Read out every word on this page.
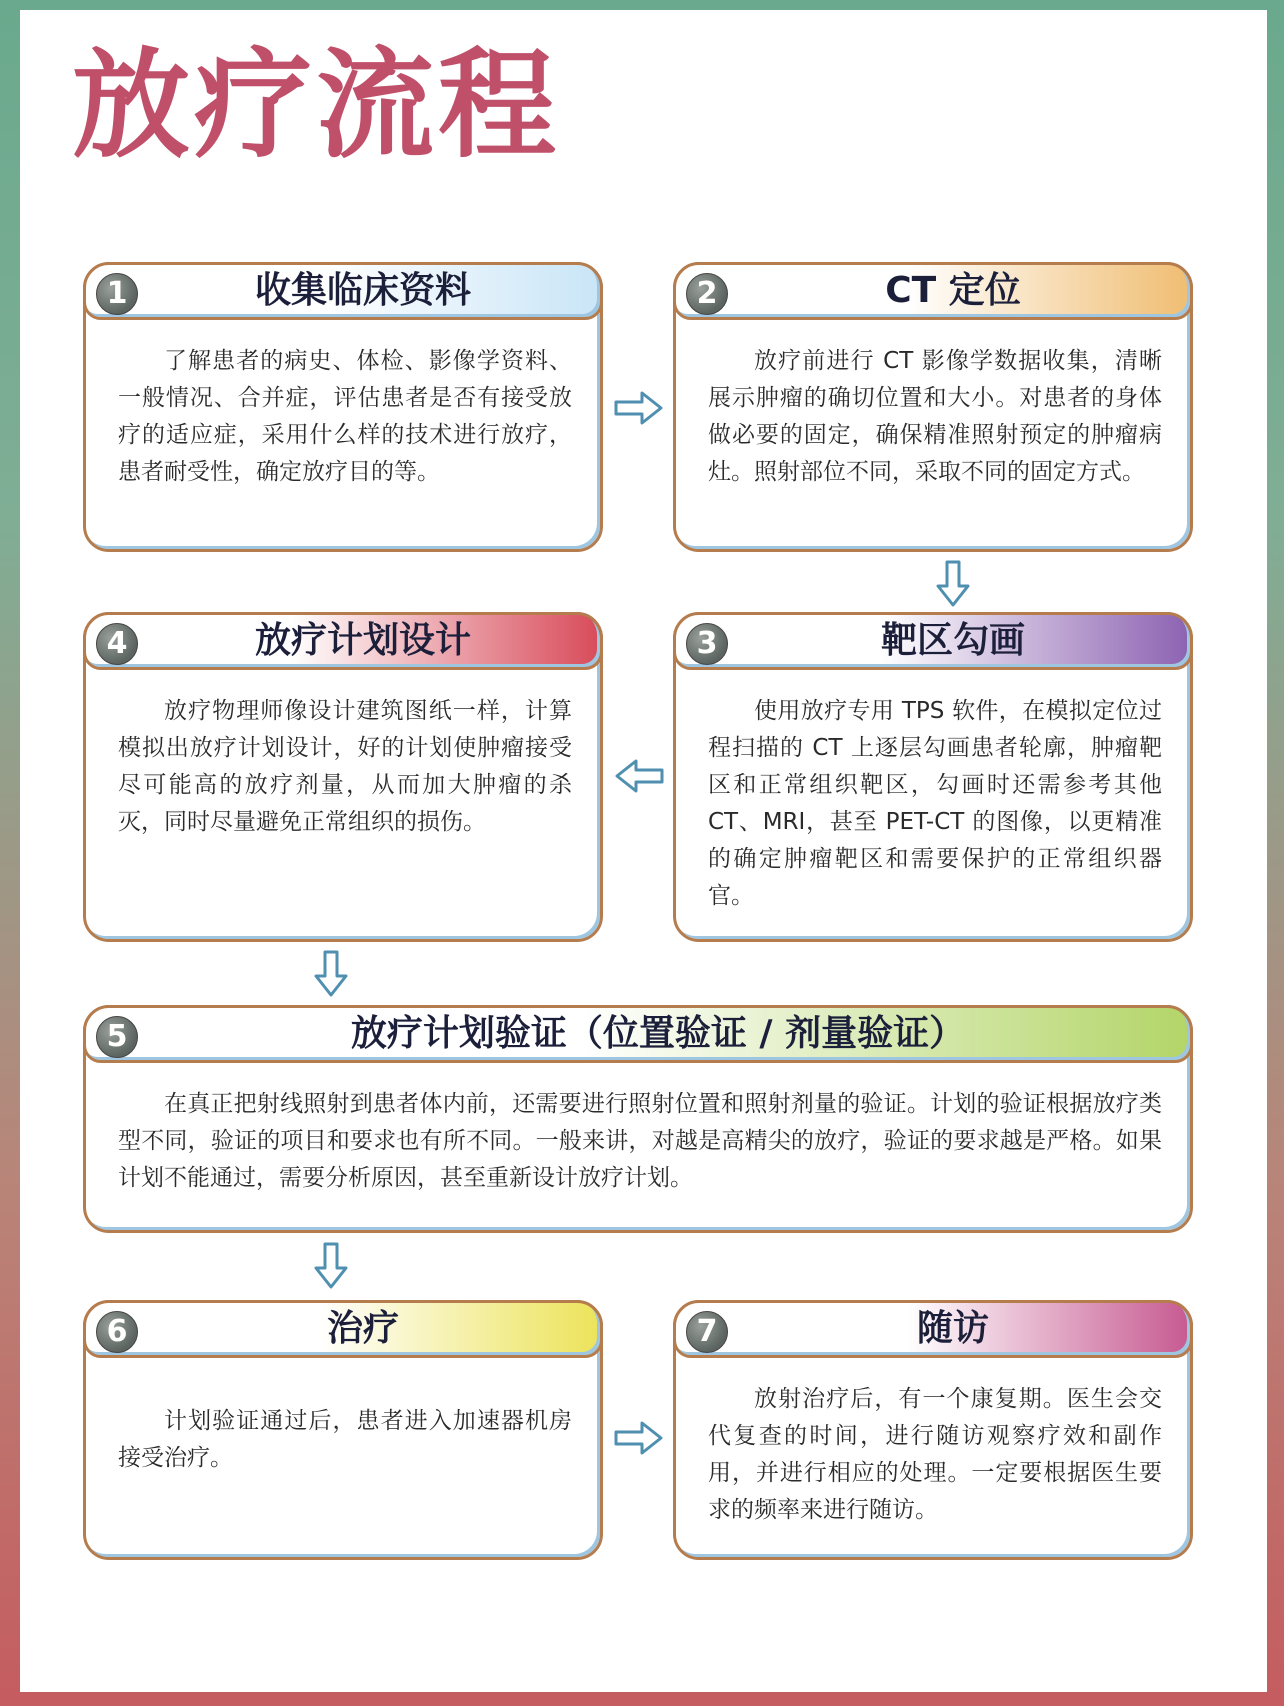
放疗流程
1	收集临床资料
了解患者的病史、体检、影像学资料、一般情况、合并症，评估患者是否有接受放疗的适应症，采用什么样的技术进行放疗，患者耐受性，确定放疗目的等。
2	CT 定位
放疗前进行 CT 影像学数据收集，清晰展示肿瘤的确切位置和大小。对患者的身体做必要的固定，确保精准照射预定的肿瘤病灶。照射部位不同，采取不同的固定方式。
4	放疗计划设计
放疗物理师像设计建筑图纸一样，计算模拟出放疗计划设计，好的计划使肿瘤接受尽可能高的放疗剂量，从而加大肿瘤的杀灭，同时尽量避免正常组织的损伤。
3	靶区勾画
使用放疗专用 TPS 软件，在模拟定位过程扫描的 CT 上逐层勾画患者轮廓，肿瘤靶区和正常组织靶区，勾画时还需参考其他 CT、MRI，甚至 PET-CT 的图像，以更精准的确定肿瘤靶区和需要保护的正常组织器官。
5	放疗计划验证（位置验证 / 剂量验证）
在真正把射线照射到患者体内前，还需要进行照射位置和照射剂量的验证。计划的验证根据放疗类型不同，验证的项目和要求也有所不同。一般来讲，对越是高精尖的放疗，验证的要求越是严格。如果计划不能通过，需要分析原因，甚至重新设计放疗计划。
6	治疗
计划验证通过后，患者进入加速器机房接受治疗。
7	随访
放射治疗后，有一个康复期。医生会交代复查的时间，进行随访观察疗效和副作用，并进行相应的处理。一定要根据医生要求的频率来进行随访。
